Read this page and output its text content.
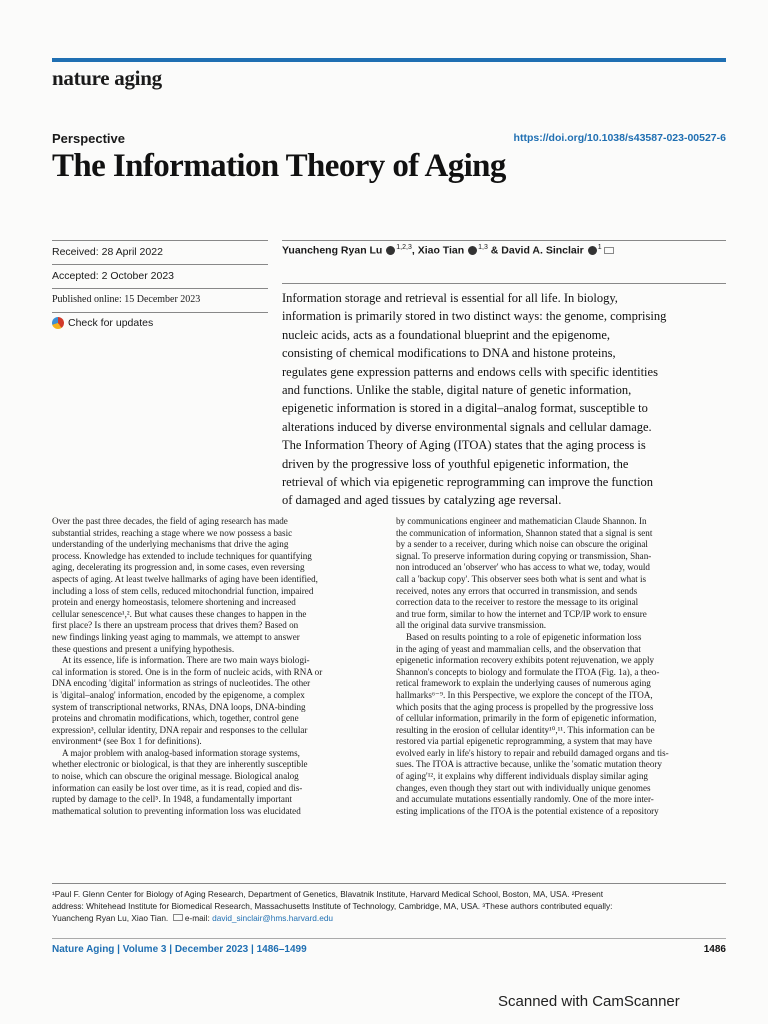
nature aging
Perspective	https://doi.org/10.1038/s43587-023-00527-6
The Information Theory of Aging
Received: 28 April 2022
Accepted: 2 October 2023
Published online: 15 December 2023
Check for updates
Yuancheng Ryan Lu $^{1,2,3}$, Xiao Tian $^{1,3}$ & David A. Sinclair $^1$
Information storage and retrieval is essential for all life. In biology,
information is primarily stored in two distinct ways: the genome, comprising
nucleic acids, acts as a foundational blueprint and the epigenome,
consisting of chemical modifications to DNA and histone proteins,
regulates gene expression patterns and endows cells with specific identities
and functions. Unlike the stable, digital nature of genetic information,
epigenetic information is stored in a digital–analog format, susceptible to
alterations induced by diverse environmental signals and cellular damage.
The Information Theory of Aging (ITOA) states that the aging process is
driven by the progressive loss of youthful epigenetic information, the
retrieval of which via epigenetic reprogramming can improve the function
of damaged and aged tissues by catalyzing age reversal.
Over the past three decades, the field of aging research has made
substantial strides, reaching a stage where we now possess a basic
understanding of the underlying mechanisms that drive the aging
process. Knowledge has extended to include techniques for quantifying
aging, decelerating its progression and, in some cases, even reversing
aspects of aging. At least twelve hallmarks of aging have been identified,
including a loss of stem cells, reduced mitochondrial function, impaired
protein and energy homeostasis, telomere shortening and increased
cellular senescence¹,². But what causes these changes to happen in the
first place? Is there an upstream process that drives them? Based on
new findings linking yeast aging to mammals, we attempt to answer
these questions and present a unifying hypothesis.
At its essence, life is information. There are two main ways biologi-
cal information is stored. One is in the form of nucleic acids, with RNA or
DNA encoding 'digital' information as strings of nucleotides. The other
is 'digital–analog' information, encoded by the epigenome, a complex
system of transcriptional networks, RNAs, DNA loops, DNA-binding
proteins and chromatin modifications, which, together, control gene
expression³, cellular identity, DNA repair and responses to the cellular
environment⁴ (see Box 1 for definitions).
A major problem with analog-based information storage systems,
whether electronic or biological, is that they are inherently susceptible
to noise, which can obscure the original message. Biological analog
information can easily be lost over time, as it is read, copied and dis-
rupted by damage to the cell⁵. In 1948, a fundamentally important
mathematical solution to preventing information loss was elucidated
by communications engineer and mathematician Claude Shannon. In
the communication of information, Shannon stated that a signal is sent
by a sender to a receiver, during which noise can obscure the original
signal. To preserve information during copying or transmission, Shan-
non introduced an 'observer' who has access to what we, today, would
call a 'backup copy'. This observer sees both what is sent and what is
received, notes any errors that occurred in transmission, and sends
correction data to the receiver to restore the message to its original
and true form, similar to how the internet and TCP/IP work to ensure
all the original data survive transmission.
Based on results pointing to a role of epigenetic information loss
in the aging of yeast and mammalian cells, and the observation that
epigenetic information recovery exhibits potent rejuvenation, we apply
Shannon's concepts to biology and formulate the ITOA (Fig. 1a), a theo-
retical framework to explain the underlying causes of numerous aging
hallmarks⁶⁻⁹. In this Perspective, we explore the concept of the ITOA,
which posits that the aging process is propelled by the progressive loss
of cellular information, primarily in the form of epigenetic information,
resulting in the erosion of cellular identity¹⁰,¹¹. This information can be
restored via partial epigenetic reprogramming, a system that may have
evolved early in life's history to repair and rebuild damaged organs and tis-
sues. The ITOA is attractive because, unlike the 'somatic mutation theory
of aging'¹², it explains why different individuals display similar aging
changes, even though they start out with individually unique genomes
and accumulate mutations essentially randomly. One of the more inter-
esting implications of the ITOA is the potential existence of a repository
¹Paul F. Glenn Center for Biology of Aging Research, Department of Genetics, Blavatnik Institute, Harvard Medical School, Boston, MA, USA. ²Present
address: Whitehead Institute for Biomedical Research, Massachusetts Institute of Technology, Cambridge, MA, USA. ³These authors contributed equally:
Yuancheng Ryan Lu, Xiao Tian. e-mail: david_sinclair@hms.harvard.edu
Nature Aging | Volume 3 | December 2023 | 1486–1499	1486
Scanned with CamScanner
